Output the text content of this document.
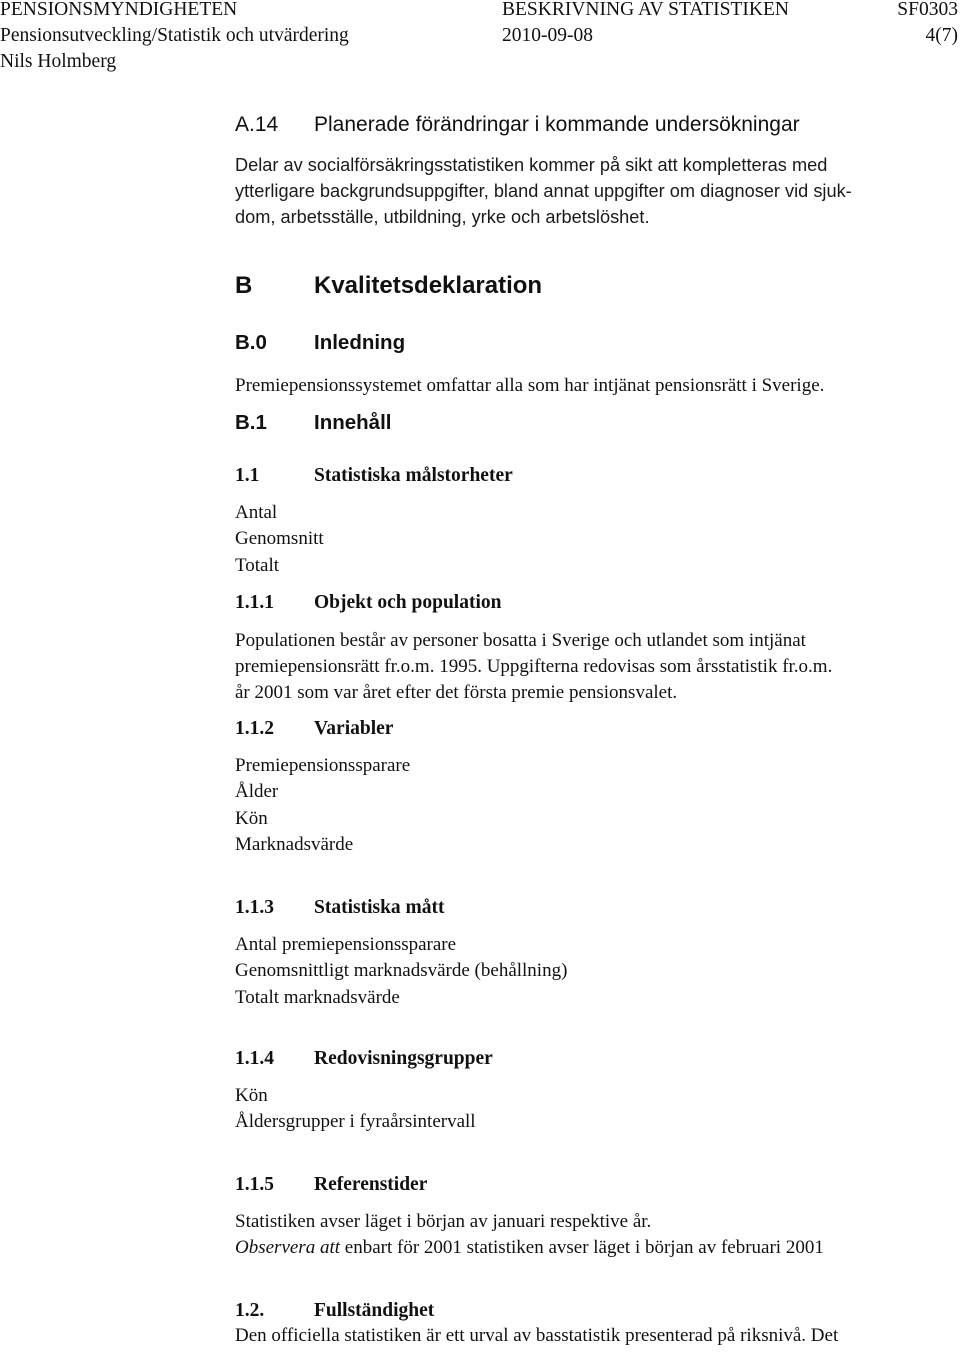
PENSIONSMYNDIGHETEN	BESKRIVNING AV STATISTIKEN	SF0303
Pensionsutveckling/Statistik och utvärdering	2010-09-08	4(7)
Nils Holmberg
A.14 Planerade förändringar i kommande undersökningar
Delar av socialförsäkringsstatistiken kommer på sikt att kompletteras med
ytterligare backgrundsuppgifter, bland annat uppgifter om diagnoser vid sjuk-
dom, arbetsställe, utbildning, yrke och arbetslöshet.
B	Kvalitetsdeklaration
B.0 Inledning
Premiepensionssystemet omfattar alla som har intjänat pensionsrätt i Sverige.
B.1 Innehåll
1.1	Statistiska målstorheter
Antal
Genomsnitt
Totalt
1.1.1 Objekt och population
Populationen består av personer bosatta i Sverige och utlandet som intjänat
premiepensionsrätt fr.o.m. 1995. Uppgifterna redovisas som årsstatistik fr.o.m.
år 2001 som var året efter det första premie pensionsvalet.
1.1.2 Variabler
Premiepensionssparare
Ålder
Kön
Marknadsvärde
1.1.3 Statistiska mått
Antal premiepensionssparare
Genomsnittligt marknadsvärde (behållning)
Totalt marknadsvärde
1.1.4 Redovisningsgrupper
Kön
Åldersgrupper i fyraårsintervall
1.1.5 Referenstider
Statistiken avser läget i början av januari respektive år.
Observera att enbart för 2001 statistiken avser läget i början av februari 2001
1.2.	Fullständighet
Den officiella statistiken är ett urval av basstatistik presenterad på riksnivå. Det
